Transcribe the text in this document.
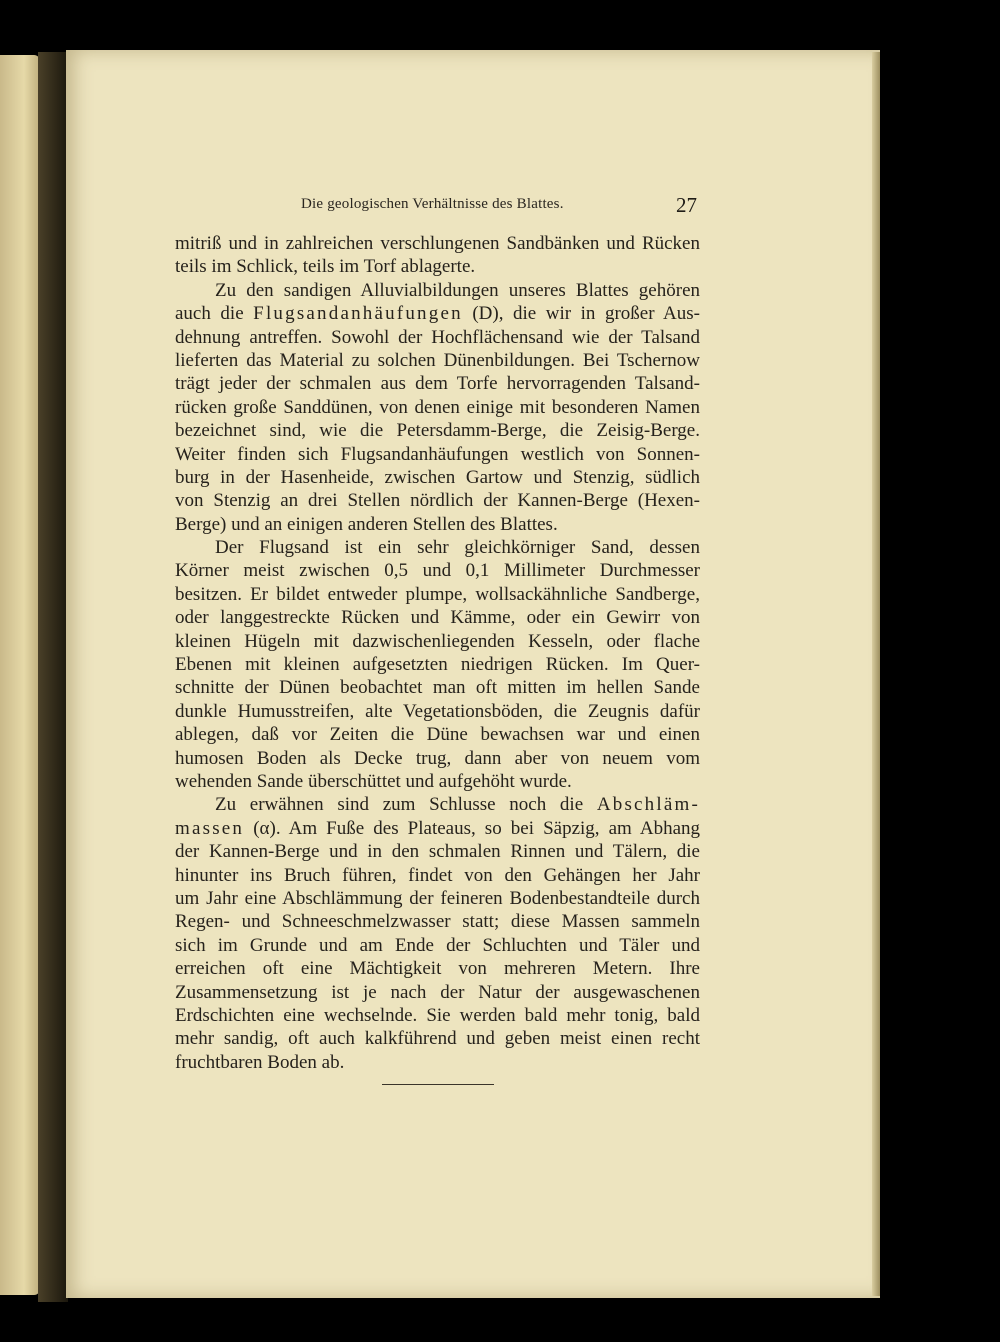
Die geologischen Verhältnisse des Blattes.	27
mitriß und in zahlreichen verschlungenen Sandbänken und Rücken
teils im Schlick, teils im Torf ablagerte.
Zu den sandigen Alluvialbildungen unseres Blattes gehören
auch die Flugsandanhäufungen (D), die wir in großer Aus-
dehnung antreffen. Sowohl der Hochflächensand wie der Talsand
lieferten das Material zu solchen Dünenbildungen. Bei Tschernow
trägt jeder der schmalen aus dem Torfe hervorragenden Talsand-
rücken große Sanddünen, von denen einige mit besonderen Namen
bezeichnet sind, wie die Petersdamm-Berge, die Zeisig-Berge.
Weiter finden sich Flugsandanhäufungen westlich von Sonnen-
burg in der Hasenheide, zwischen Gartow und Stenzig, südlich
von Stenzig an drei Stellen nördlich der Kannen-Berge (Hexen-
Berge) und an einigen anderen Stellen des Blattes.
Der Flugsand ist ein sehr gleichkörniger Sand, dessen
Körner meist zwischen 0,5 und 0,1 Millimeter Durchmesser
besitzen. Er bildet entweder plumpe, wollsackähnliche Sandberge,
oder langgestreckte Rücken und Kämme, oder ein Gewirr von
kleinen Hügeln mit dazwischenliegenden Kesseln, oder flache
Ebenen mit kleinen aufgesetzten niedrigen Rücken. Im Quer-
schnitte der Dünen beobachtet man oft mitten im hellen Sande
dunkle Humusstreifen, alte Vegetationsböden, die Zeugnis dafür
ablegen, daß vor Zeiten die Düne bewachsen war und einen
humosen Boden als Decke trug, dann aber von neuem vom
wehenden Sande überschüttet und aufgehöht wurde.
Zu erwähnen sind zum Schlusse noch die Abschläm-
massen (α). Am Fuße des Plateaus, so bei Säpzig, am Abhang
der Kannen-Berge und in den schmalen Rinnen und Tälern, die
hinunter ins Bruch führen, findet von den Gehängen her Jahr
um Jahr eine Abschlämmung der feineren Bodenbestandteile durch
Regen- und Schneeschmelzwasser statt; diese Massen sammeln
sich im Grunde und am Ende der Schluchten und Täler und
erreichen oft eine Mächtigkeit von mehreren Metern. Ihre
Zusammensetzung ist je nach der Natur der ausgewaschenen
Erdschichten eine wechselnde. Sie werden bald mehr tonig, bald
mehr sandig, oft auch kalkführend und geben meist einen recht
fruchtbaren Boden ab.
